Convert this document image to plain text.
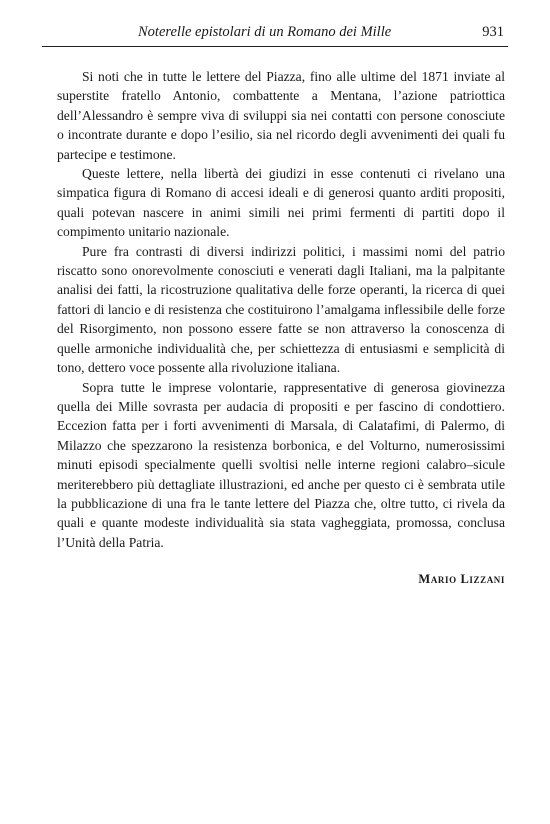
Noterelle epistolari di un Romano dei Mille	931

Si noti che in tutte le lettere del Piazza, fino alle ultime del 1871 inviate al superstite fratello Antonio, combattente a Mentana, l’azione patriottica dell’Alessandro è sempre viva di sviluppi sia nei contatti con persone conosciute o incontrate durante e dopo l’esilio, sia nel ricordo degli avvenimenti dei quali fu partecipe e testimone.

Queste lettere, nella libertà dei giudizi in esse contenuti ci rivelano una simpatica figura di Romano di accesi ideali e di generosi quanto arditi propositi, quali potevan nascere in animi simili nei primi fermenti di partiti dopo il compimento unitario nazionale.

Pure fra contrasti di diversi indirizzi politici, i massimi nomi del patrio riscatto sono onorevolmente conosciuti e venerati dagli Italiani, ma la palpitante analisi dei fatti, la ricostruzione qualitativa delle forze operanti, la ricerca di quei fattori di lancio e di resistenza che costituirono l’amalgama inflessibile delle forze del Risorgimento, non possono essere fatte se non attraverso la conoscenza di quelle armoniche individualità che, per schiettezza di entusiasmi e semplicità di tono, dettero voce possente alla rivoluzione italiana.

Sopra tutte le imprese volontarie, rappresentative di generosa giovinezza quella dei Mille sovrasta per audacia di propositi e per fascino di condottiero. Eccezion fatta per i forti avvenimenti di Marsala, di Calatafimi, di Palermo, di Milazzo che spezzarono la resistenza borbonica, e del Volturno, numerosissimi minuti episodi specialmente quelli svoltisi nelle interne regioni calabro–sicule meriterebbero più dettagliate illustrazioni, ed anche per questo ci è sembrata utile la pubblicazione di una fra le tante lettere del Piazza che, oltre tutto, ci rivela da quali e quante modeste individualità sia stata vagheggiata, promossa, conclusa l’Unità della Patria.

Mario Lizzani
